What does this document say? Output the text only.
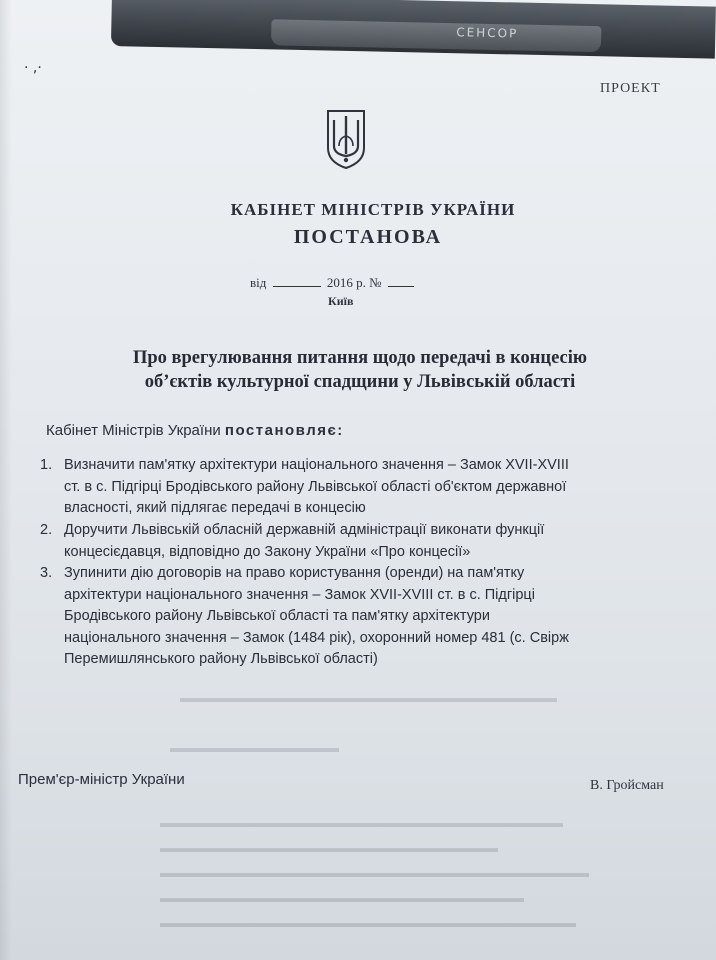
СЕНСОР
· ,·
ПРОЕКТ
КАБІНЕТ МІНІСТРІВ УКРАЇНИ
ПОСТАНОВА
від	2016 р. №
Київ
Про врегулювання питання щодо передачі в концесію
об’єктів культурної спадщини у Львівській області
Кабінет Міністрів України постановляє:
1. Визначити пам'ятку архітектури національного значення – Замок XVII-XVIII
ст. в с. Підгірці Бродівського району Львівської області об'єктом державної
власності, який підлягає передачі в концесію
2. Доручити Львівській обласній державній адміністрації виконати функції
концесієдавця, відповідно до Закону України «Про концесії»
3. Зупинити дію договорів на право користування (оренди) на пам'ятку
архітектури національного значення – Замок XVII-XVIII ст. в с. Підгірці
Бродівського району Львівської області та пам'ятку архітектури
національного значення – Замок (1484 рік), охоронний номер 481 (с. Свірж
Перемишлянського району Львівської області)
▬▬▬▬▬▬▬▬▬▬▬▬▬▬▬▬▬▬▬▬▬▬▬▬▬▬▬▬▬
▬▬▬▬▬▬▬▬▬▬▬▬▬
▬▬▬▬▬▬▬▬▬▬▬▬▬▬▬▬▬▬▬▬▬▬▬▬▬▬▬▬▬▬▬
▬▬▬▬▬▬▬▬▬▬▬▬▬▬▬▬▬▬▬▬▬▬▬▬▬▬
▬▬▬▬▬▬▬▬▬▬▬▬▬▬▬▬▬▬▬▬▬▬▬▬▬▬▬▬▬▬▬▬▬
▬▬▬▬▬▬▬▬▬▬▬▬▬▬▬▬▬▬▬▬▬▬▬▬▬▬▬▬
▬▬▬▬▬▬▬▬▬▬▬▬▬▬▬▬▬▬▬▬▬▬▬▬▬▬▬▬▬▬▬▬
Прем'єр-міністр України	В. Гройсман
